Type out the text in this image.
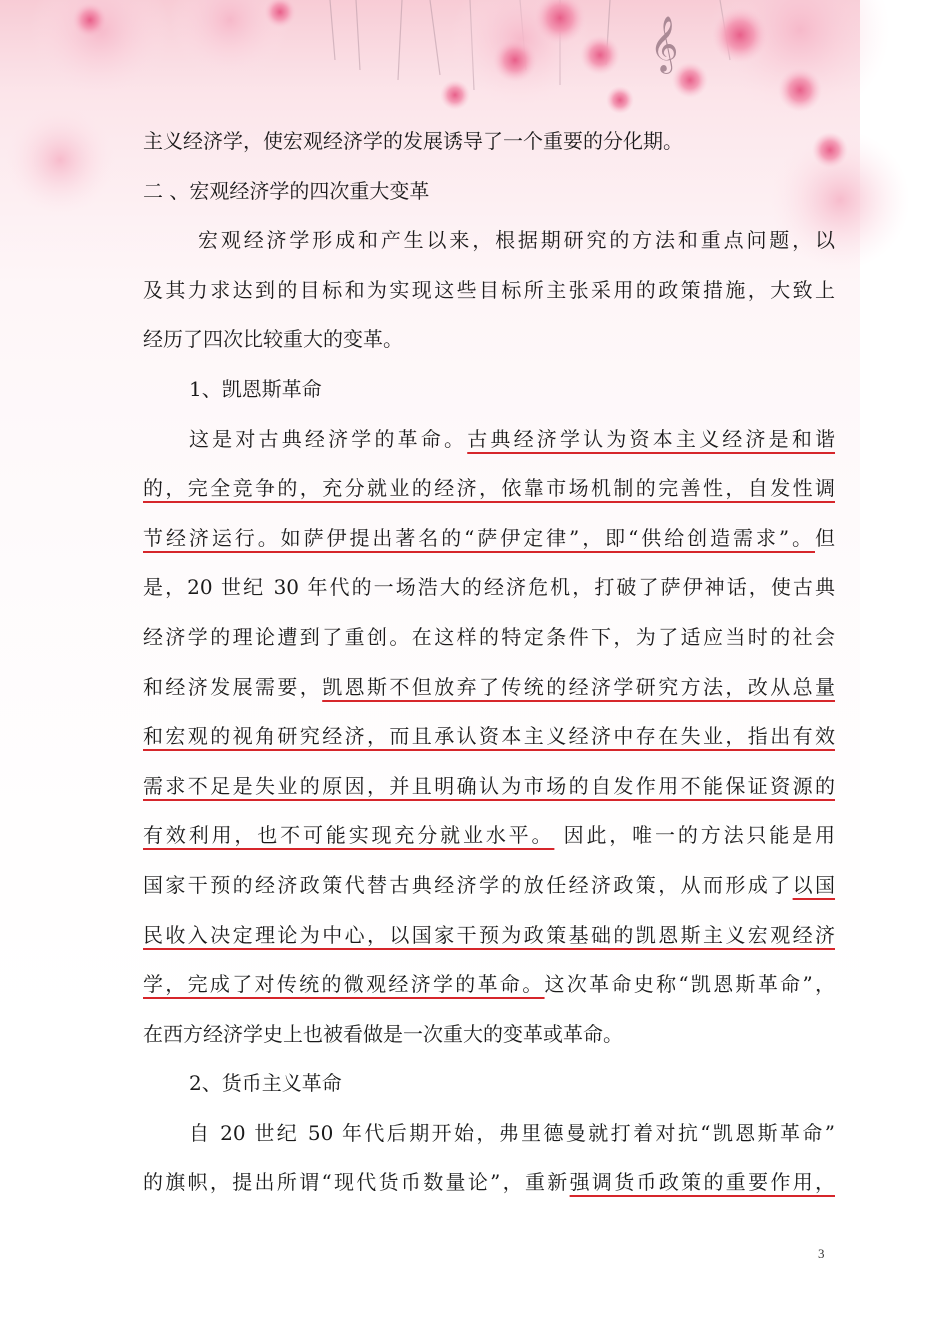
𝄞
主义经济学，使宏观经济学的发展诱导了一个重要的分化期。
二 、宏观经济学的四次重大变革
宏观经济学形成和产生以来，根据期研究的方法和重点问题，以
及其力求达到的目标和为实现这些目标所主张采用的政策措施，大致上
经历了四次比较重大的变革。
1、凯恩斯革命
这是对古典经济学的革命。古典经济学认为资本主义经济是和谐
的，完全竞争的，充分就业的经济，依靠市场机制的完善性，自发性调
节经济运行。如萨伊提出著名的“萨伊定律”，即“供给创造需求”。但
是，20 世纪 30 年代的一场浩大的经济危机，打破了萨伊神话，使古典
经济学的理论遭到了重创。在这样的特定条件下，为了适应当时的社会
和经济发展需要，凯恩斯不但放弃了传统的经济学研究方法，改从总量
和宏观的视角研究经济，而且承认资本主义经济中存在失业，指出有效
需求不足是失业的原因，并且明确认为市场的自发作用不能保证资源的
有效利用，也不可能实现充分就业水平。 因此，唯一的方法只能是用
国家干预的经济政策代替古典经济学的放任经济政策，从而形成了以国
民收入决定理论为中心，以国家干预为政策基础的凯恩斯主义宏观经济
学，完成了对传统的微观经济学的革命。这次革命史称“凯恩斯革命”，
在西方经济学史上也被看做是一次重大的变革或革命。
2、货币主义革命
自 20 世纪 50 年代后期开始，弗里德曼就打着对抗“凯恩斯革命”
的旗帜，提出所谓“现代货币数量论”，重新强调货币政策的重要作用，
3
